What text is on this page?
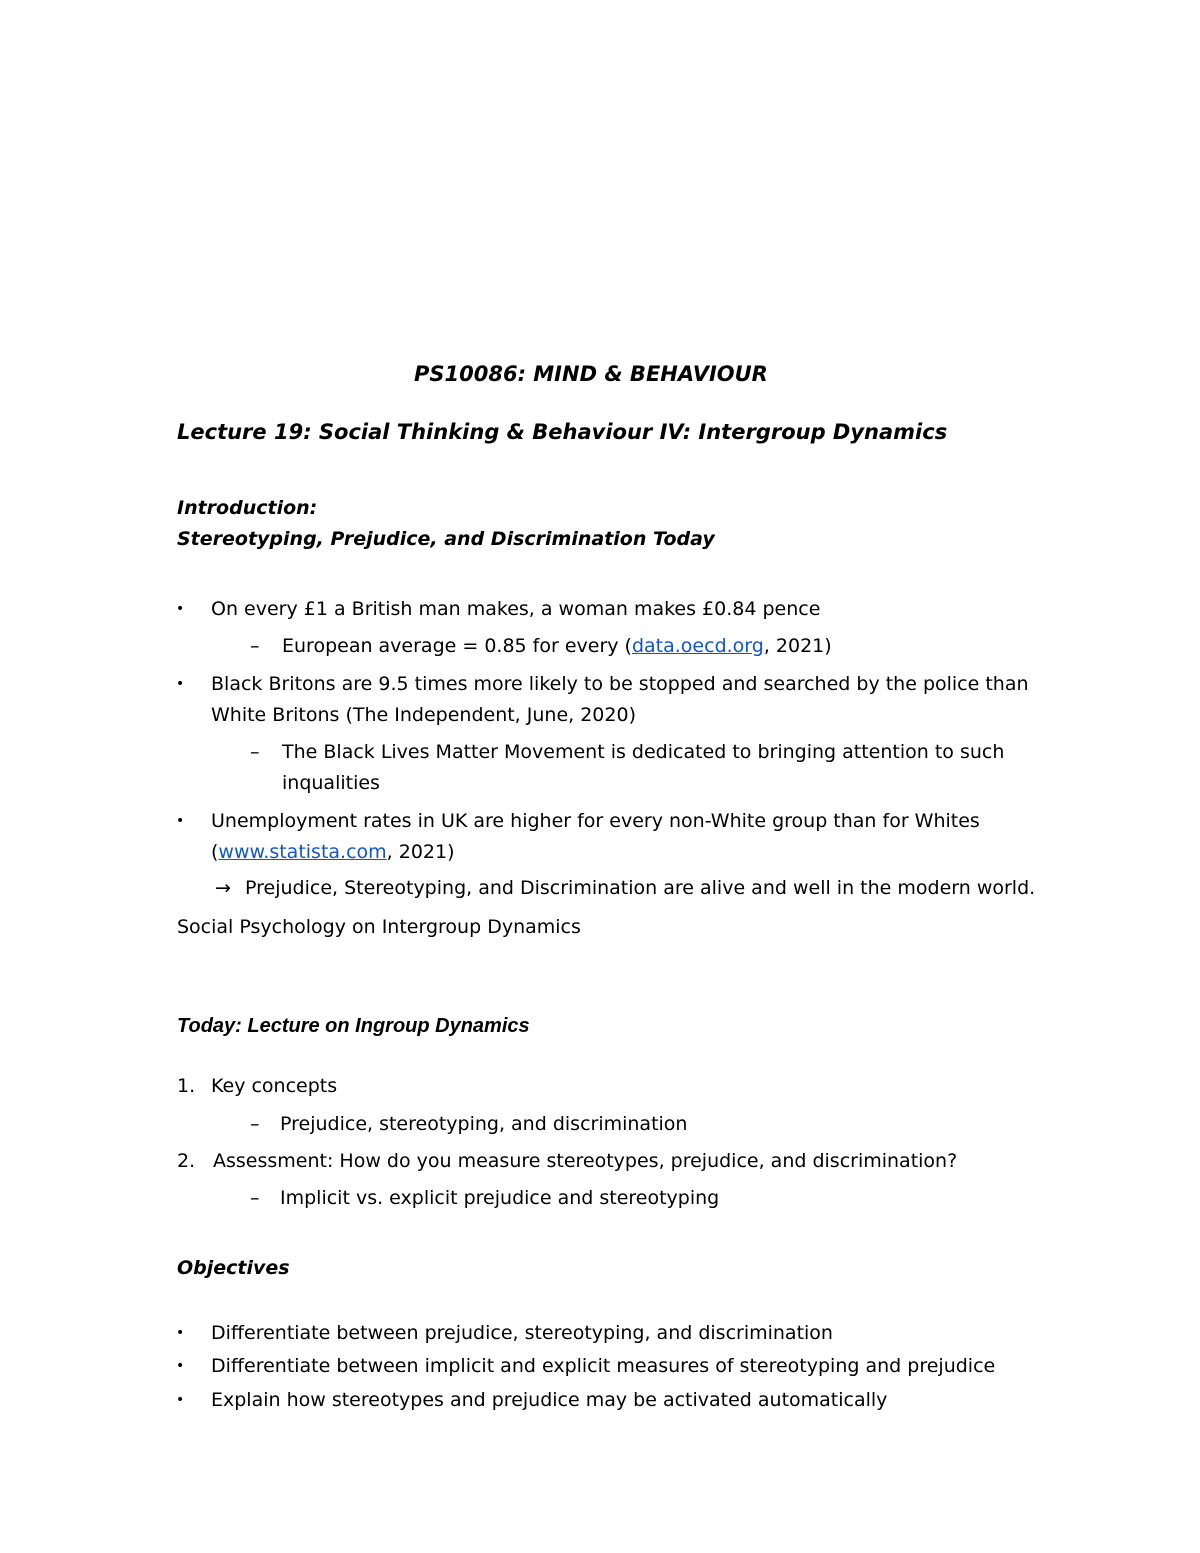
PS10086: MIND & BEHAVIOUR
Lecture 19: Social Thinking & Behaviour IV: Intergroup Dynamics
Introduction:
Stereotyping, Prejudice, and Discrimination Today
• On every £1 a British man makes, a woman makes £0.84 pence
– European average = 0.85 for every (data.oecd.org, 2021)
• Black Britons are 9.5 times more likely to be stopped and searched by the police than
White Britons (The Independent, June, 2020)
– The Black Lives Matter Movement is dedicated to bringing attention to such
inqualities
• Unemployment rates in UK are higher for every non-White group than for Whites
(www.statista.com, 2021)
→ Prejudice, Stereotyping, and Discrimination are alive and well in the modern world.
Social Psychology on Intergroup Dynamics
Today: Lecture on Ingroup Dynamics
1. Key concepts
– Prejudice, stereotyping, and discrimination
2. Assessment: How do you measure stereotypes, prejudice, and discrimination?
– Implicit vs. explicit prejudice and stereotyping
Objectives
• Differentiate between prejudice, stereotyping, and discrimination
• Differentiate between implicit and explicit measures of stereotyping and prejudice
• Explain how stereotypes and prejudice may be activated automatically
